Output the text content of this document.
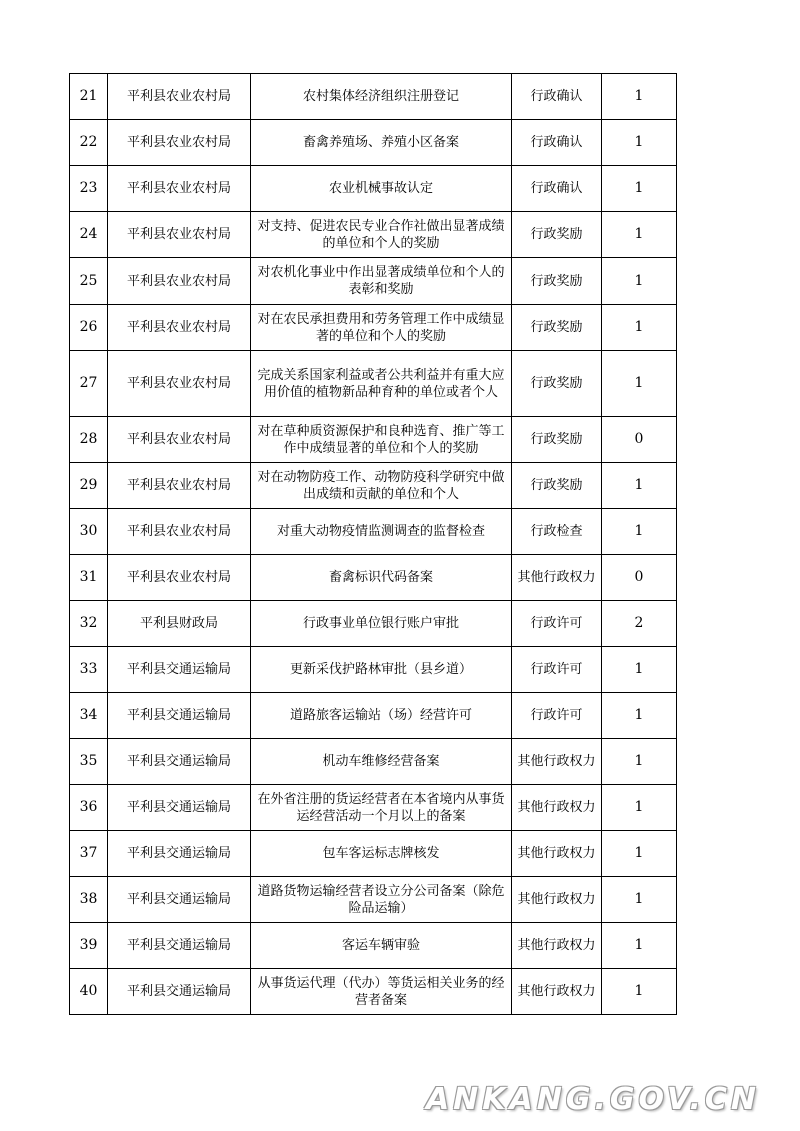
21	平利县农业农村局	农村集体经济组织注册登记	行政确认	1
22	平利县农业农村局	畜禽养殖场、养殖小区备案	行政确认	1
23	平利县农业农村局	农业机械事故认定	行政确认	1
24	平利县农业农村局	对支持、促进农民专业合作社做出显著成绩的单位和个人的奖励	行政奖励	1
25	平利县农业农村局	对农机化事业中作出显著成绩单位和个人的表彰和奖励	行政奖励	1
26	平利县农业农村局	对在农民承担费用和劳务管理工作中成绩显著的单位和个人的奖励	行政奖励	1
27	平利县农业农村局	完成关系国家利益或者公共利益并有重大应用价值的植物新品种育种的单位或者个人	行政奖励	1
28	平利县农业农村局	对在草种质资源保护和良种选育、推广等工作中成绩显著的单位和个人的奖励	行政奖励	0
29	平利县农业农村局	对在动物防疫工作、动物防疫科学研究中做出成绩和贡献的单位和个人	行政奖励	1
30	平利县农业农村局	对重大动物疫情监测调查的监督检查	行政检查	1
31	平利县农业农村局	畜禽标识代码备案	其他行政权力	0
32	平利县财政局	行政事业单位银行账户审批	行政许可	2
33	平利县交通运输局	更新采伐护路林审批（县乡道）	行政许可	1
34	平利县交通运输局	道路旅客运输站（场）经营许可	行政许可	1
35	平利县交通运输局	机动车维修经营备案	其他行政权力	1
36	平利县交通运输局	在外省注册的货运经营者在本省境内从事货运经营活动一个月以上的备案	其他行政权力	1
37	平利县交通运输局	包车客运标志牌核发	其他行政权力	1
38	平利县交通运输局	道路货物运输经营者设立分公司备案（除危险品运输）	其他行政权力	1
39	平利县交通运输局	客运车辆审验	其他行政权力	1
40	平利县交通运输局	从事货运代理（代办）等货运相关业务的经营者备案	其他行政权力	1
ANKANG.GOV.CN
